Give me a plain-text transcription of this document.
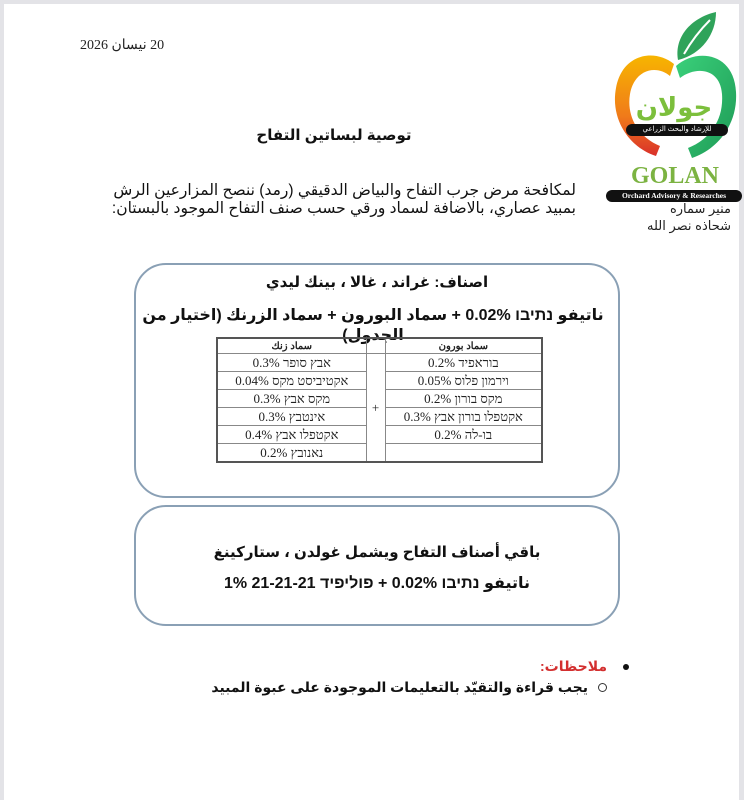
20 نيسان 2026
جولان
للإرشاد والبحث الزراعي
GOLAN
Orchard Advisory & Researches
منير سماره
شحاذه نصر الله
توصية لبساتين التفاح
لمكافحة مرض جرب التفاح والبياض الدقيقي (رمد) ننصح المزارعين الرش بمبيد عصاري، بالاضافة لسماد ورقي حسب صنف التفاح الموجود بالبستان:
اصناف: غراند ، غالا ، بينك ليدي
ناتيفو נתיבו 0.02% + سماد البورون + سماد الزرنك (اختيار من الجدول)
سماد بورون		سماد زنك
בוראפיד 0.2%	+	אבץ סופר 0.3%
וירמון פלוס 0.05%		אקטיביסט מקס 0.04%
מקס בורון 0.2%		מקס אבץ 0.3%
אקטפלו בורון אבץ 0.3%		אינטבץ 0.3%
בו-לה 0.2%		אקטפלו אבץ 0.4%
		נאנובץ 0.2%
باقي أصناف التفاح ويشمل غولدن ، ستاركينغ
ناتيفو נתיבו 0.02% + פוליפיד 21-21-21 1%
ملاحظات:
يجب قراءة والتقيّد بالتعليمات الموجودة على عبوة المبيد
